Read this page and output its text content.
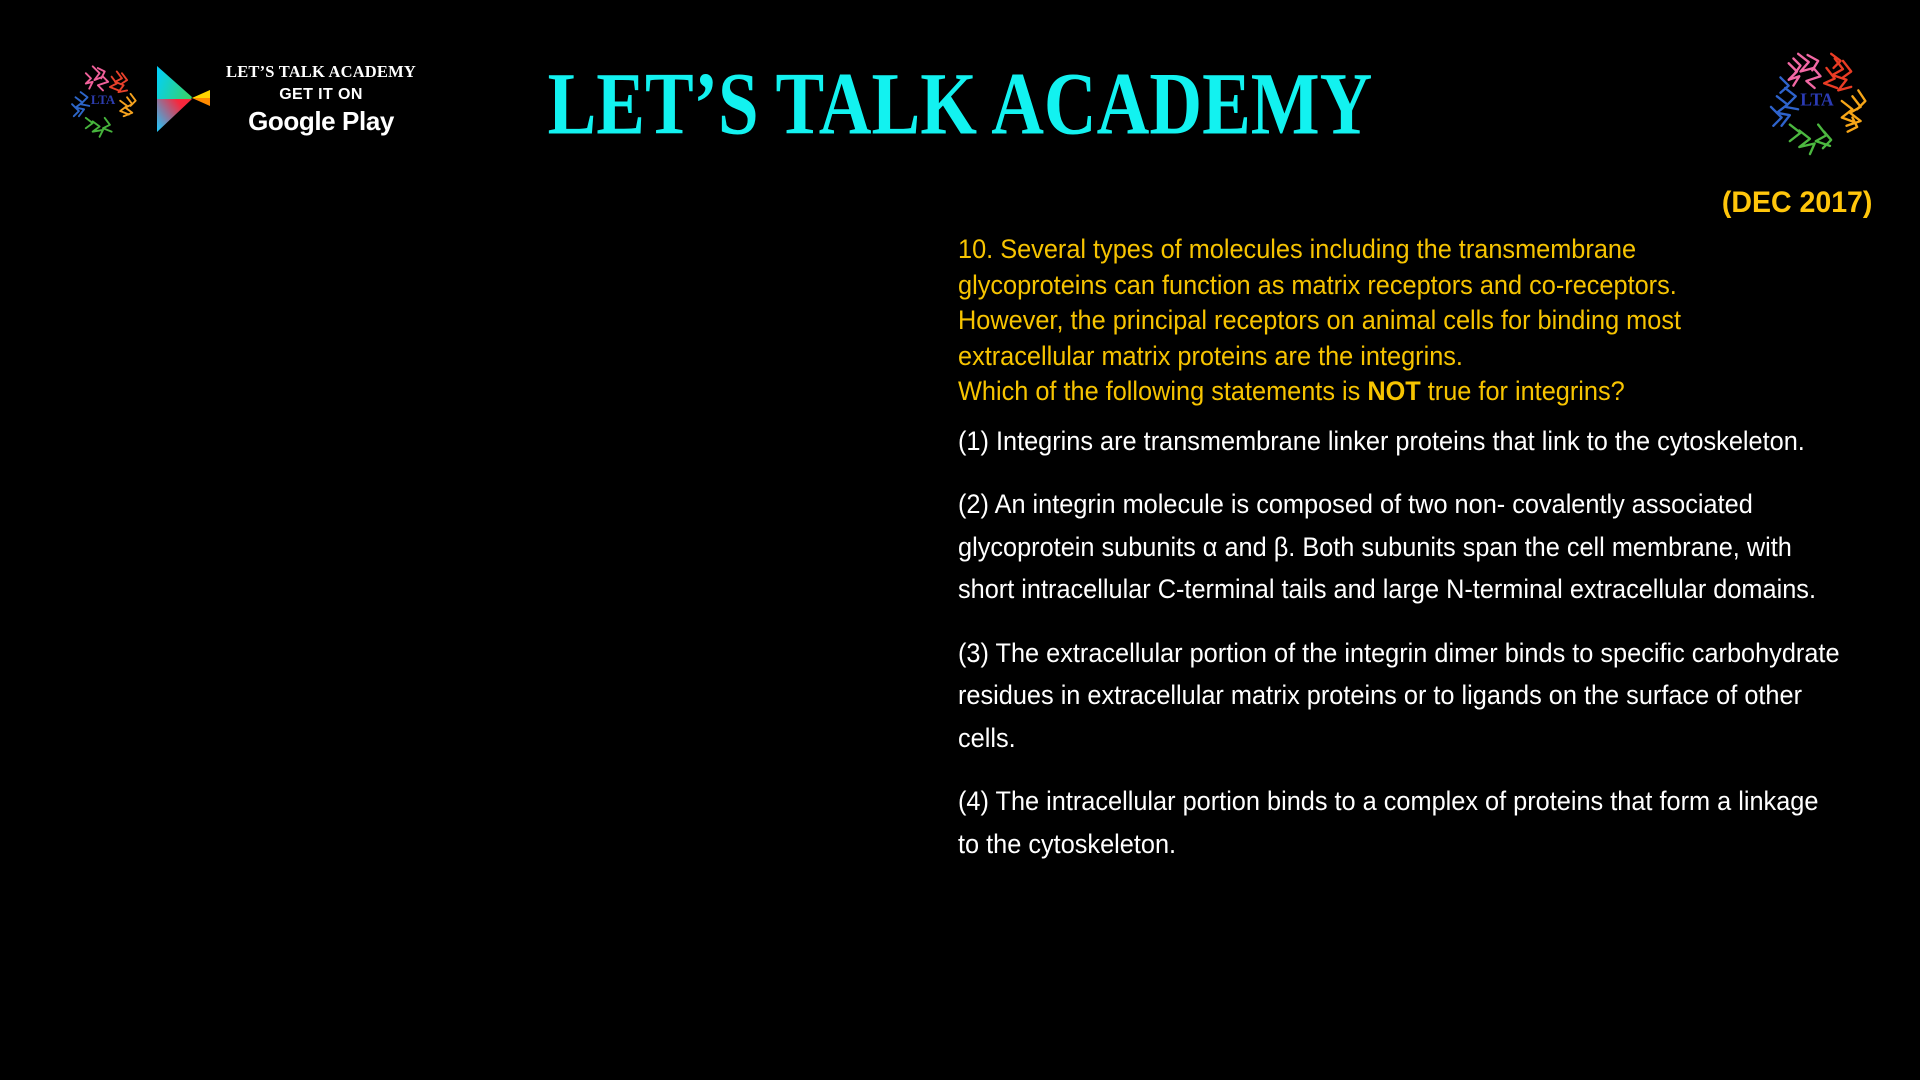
LTA
LET’S TALK ACADEMY
GET IT ON
Google Play	LET’S TALK ACADEMY	LTA
(DEC 2017)
10. Several types of molecules including the transmembrane
glycoproteins can function as matrix receptors and co-receptors.
However, the principal receptors on animal cells for binding most
extracellular matrix proteins are the integrins.
Which of the following statements is NOT true for integrins?
(1) Integrins are transmembrane linker proteins that link to the cytoskeleton.
(2) An integrin molecule is composed of two non- covalently associated glycoprotein subunits α and β. Both subunits span the cell membrane, with short intracellular C-terminal tails and large N-terminal extracellular domains.
(3) The extracellular portion of the integrin dimer binds to specific carbohydrate residues in extracellular matrix proteins or to ligands on the surface of other cells.
(4) The intracellular portion binds to a complex of proteins that form a linkage to the cytoskeleton.
